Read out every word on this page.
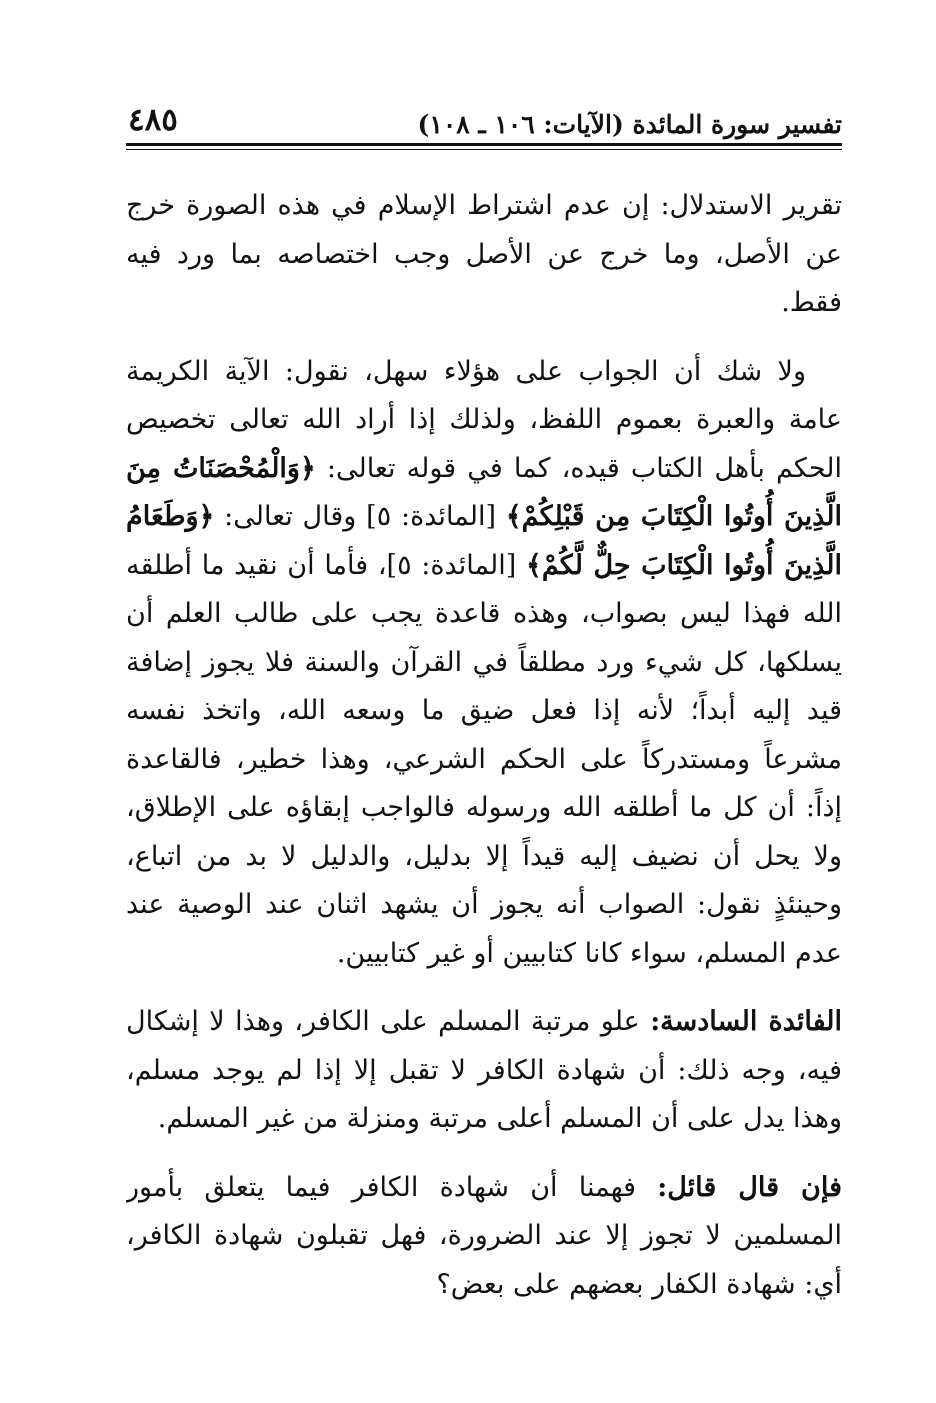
تفسير سورة المائدة (الآيات: ١٠٦ ـ ١٠٨)
٤٨٥

تقرير الاستدلال: إن عدم اشتراط الإسلام في هذه الصورة خرج عن الأصل، وما خرج عن الأصل وجب اختصاصه بما ورد فيه فقط.

ولا شك أن الجواب على هؤلاء سهل، نقول: الآية الكريمة عامة والعبرة بعموم اللفظ، ولذلك إذا أراد الله تعالى تخصيص الحكم بأهل الكتاب قيده، كما في قوله تعالى: ﴿وَالْمُحْصَنَاتُ مِنَ الَّذِينَ أُوتُوا الْكِتَابَ مِن قَبْلِكُمْ﴾ [المائدة: ٥] وقال تعالى: ﴿وَطَعَامُ الَّذِينَ أُوتُوا الْكِتَابَ حِلٌّ لَّكُمْ﴾ [المائدة: ٥]، فأما أن نقيد ما أطلقه الله فهذا ليس بصواب، وهذه قاعدة يجب على طالب العلم أن يسلكها، كل شيء ورد مطلقاً في القرآن والسنة فلا يجوز إضافة قيد إليه أبداً؛ لأنه إذا فعل ضيق ما وسعه الله، واتخذ نفسه مشرعاً ومستدركاً على الحكم الشرعي، وهذا خطير، فالقاعدة إذاً: أن كل ما أطلقه الله ورسوله فالواجب إبقاؤه على الإطلاق، ولا يحل أن نضيف إليه قيداً إلا بدليل، والدليل لا بد من اتباع، وحينئذٍ نقول: الصواب أنه يجوز أن يشهد اثنان عند الوصية عند عدم المسلم، سواء كانا كتابيين أو غير كتابيين.

الفائدة السادسة: علو مرتبة المسلم على الكافر، وهذا لا إشكال فيه، وجه ذلك: أن شهادة الكافر لا تقبل إلا إذا لم يوجد مسلم، وهذا يدل على أن المسلم أعلى مرتبة ومنزلة من غير المسلم.

فإن قال قائل: فهمنا أن شهادة الكافر فيما يتعلق بأمور المسلمين لا تجوز إلا عند الضرورة، فهل تقبلون شهادة الكافر، أي: شهادة الكفار بعضهم على بعض؟
